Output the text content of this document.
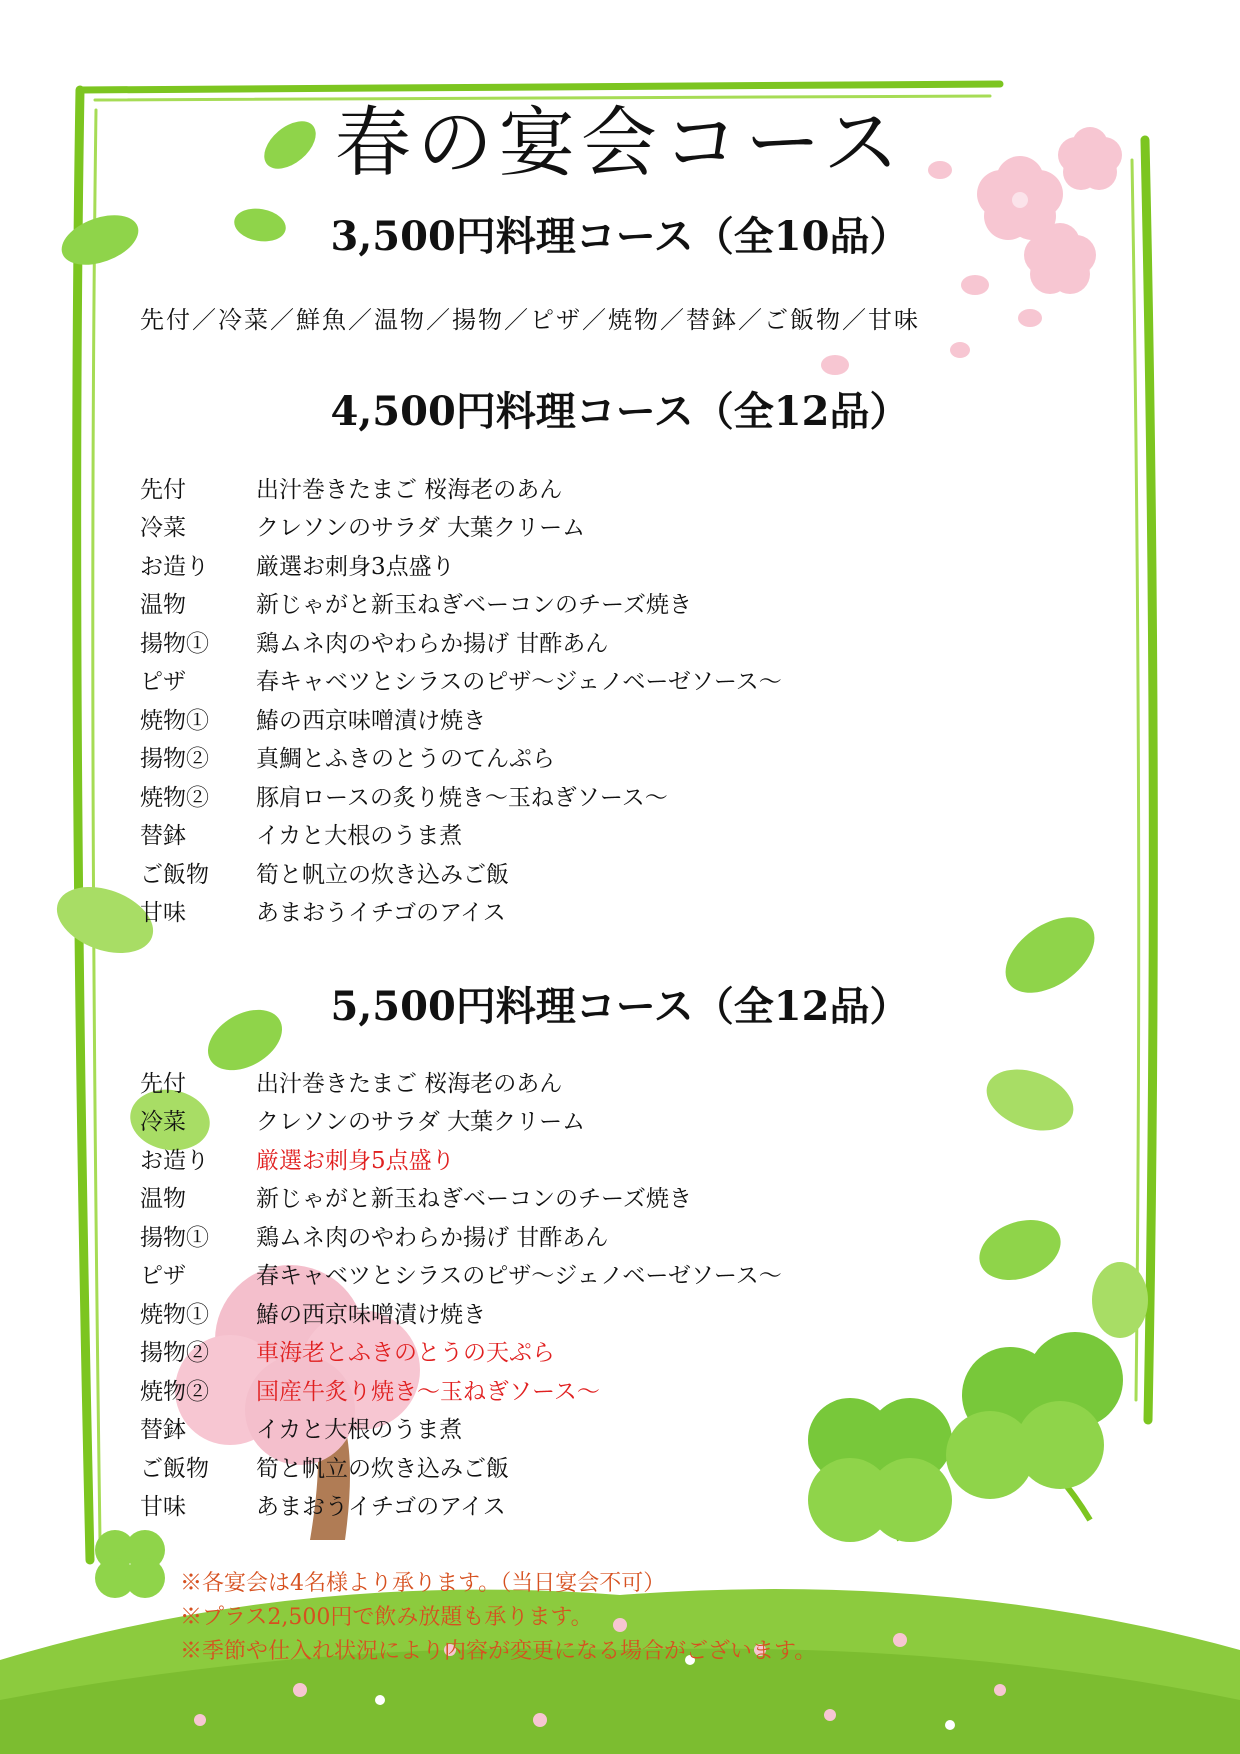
春の宴会コース
3,500円料理コース（全10品）
先付／冷菜／鮮魚／温物／揚物／ピザ／焼物／替鉢／ご飯物／甘味
4,500円料理コース（全12品）
先付	出汁巻きたまご 桜海老のあん
冷菜	クレソンのサラダ 大葉クリーム
お造り	厳選お刺身3点盛り
温物	新じゃがと新玉ねぎベーコンのチーズ焼き
揚物①	鶏ムネ肉のやわらか揚げ 甘酢あん
ピザ	春キャベツとシラスのピザ～ジェノベーゼソース～
焼物①	鰆の西京味噌漬け焼き
揚物②	真鯛とふきのとうのてんぷら
焼物②	豚肩ロースの炙り焼き～玉ねぎソース～
替鉢	イカと大根のうま煮
ご飯物	筍と帆立の炊き込みご飯
甘味	あまおうイチゴのアイス
5,500円料理コース（全12品）
先付	出汁巻きたまご 桜海老のあん
冷菜	クレソンのサラダ 大葉クリーム
お造り	厳選お刺身5点盛り
温物	新じゃがと新玉ねぎベーコンのチーズ焼き
揚物①	鶏ムネ肉のやわらか揚げ 甘酢あん
ピザ	春キャベツとシラスのピザ～ジェノベーゼソース～
焼物①	鰆の西京味噌漬け焼き
揚物②	車海老とふきのとうの天ぷら
焼物②	国産牛炙り焼き～玉ねぎソース～
替鉢	イカと大根のうま煮
ご飯物	筍と帆立の炊き込みご飯
甘味	あまおうイチゴのアイス
※各宴会は4名様より承ります。（当日宴会不可）
※プラス2,500円で飲み放題も承ります。
※季節や仕入れ状況により内容が変更になる場合がございます。
